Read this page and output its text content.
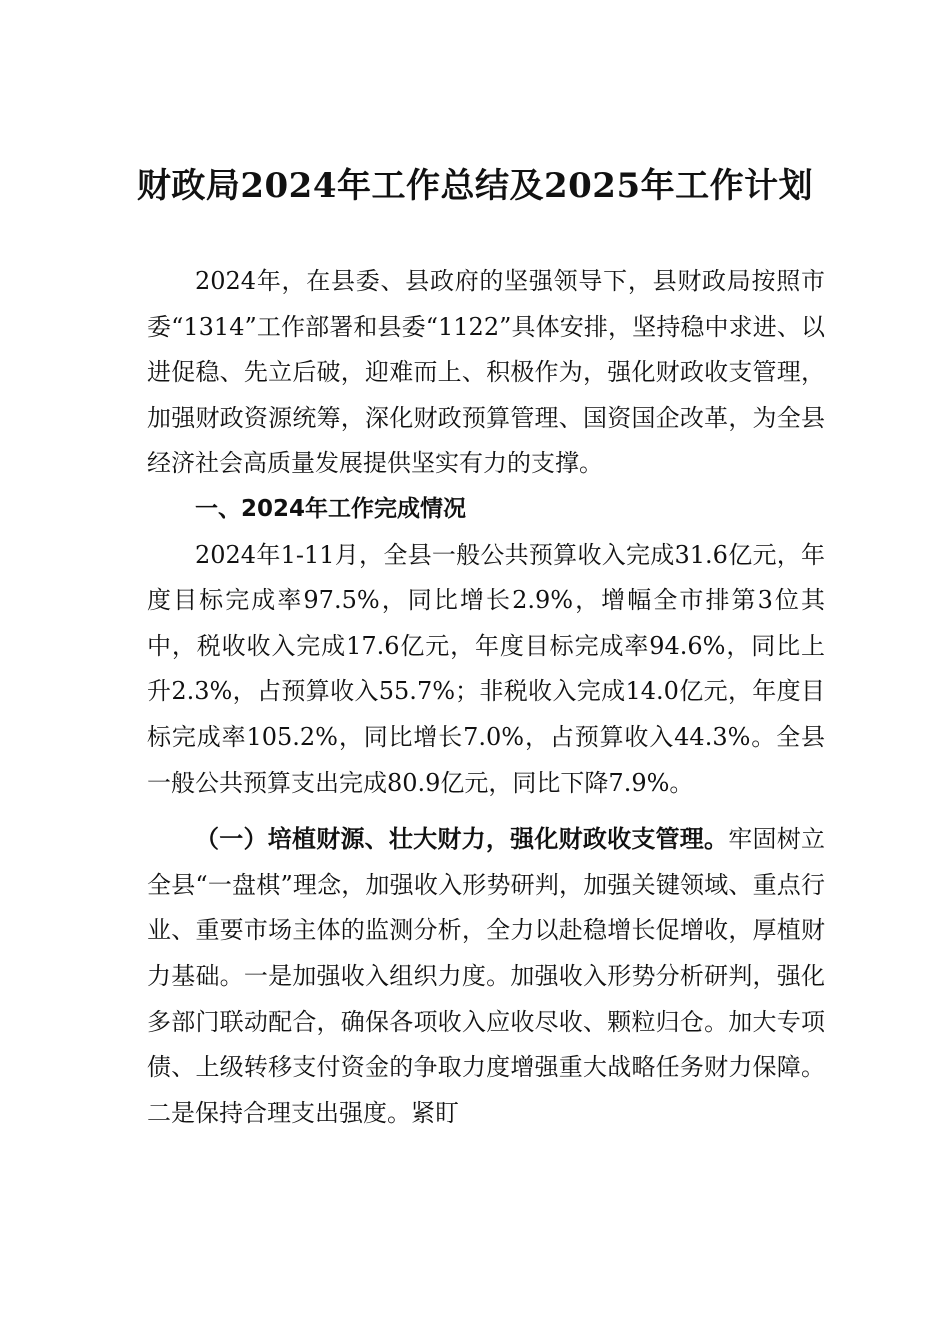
财政局2024年工作总结及2025年工作计划

2024年，在县委、县政府的坚强领导下，县财政局按照市委“1314”工作部署和县委“1122”具体安排，坚持稳中求进、以进促稳、先立后破，迎难而上、积极作为，强化财政收支管理，加强财政资源统筹，深化财政预算管理、国资国企改革，为全县经济社会高质量发展提供坚实有力的支撑。

一、2024年工作完成情况

2024年1-11月，全县一般公共预算收入完成31.6亿元，年度目标完成率97.5%，同比增长2.9%，增幅全市排第3位其中，税收收入完成17.6亿元，年度目标完成率94.6%，同比上升2.3%，占预算收入55.7%；非税收入完成14.0亿元，年度目标完成率105.2%，同比增长7.0%，占预算收入44.3%。全县一般公共预算支出完成80.9亿元，同比下降7.9%。

（一）培植财源、壮大财力，强化财政收支管理。牢固树立全县“一盘棋”理念，加强收入形势研判，加强关键领域、重点行业、重要市场主体的监测分析，全力以赴稳增长促增收，厚植财力基础。一是加强收入组织力度。加强收入形势分析研判，强化多部门联动配合，确保各项收入应收尽收、颗粒归仓。加大专项债、上级转移支付资金的争取力度增强重大战略任务财力保障。二是保持合理支出强度。紧盯
